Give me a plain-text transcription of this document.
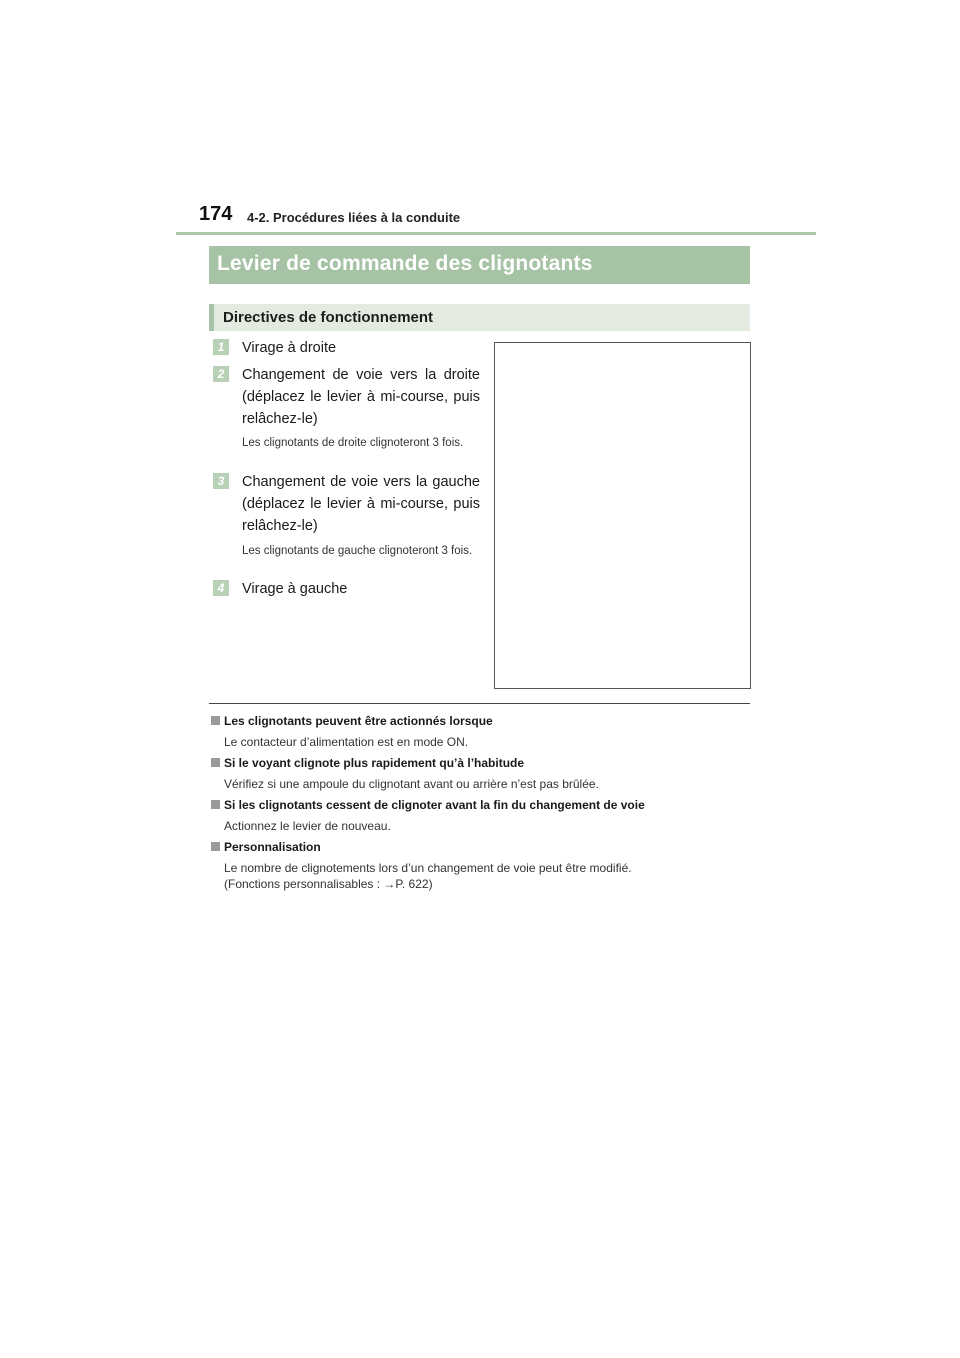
174 4-2. Procédures liées à la conduite
Levier de commande des clignotants
Directives de fonctionnement
1	Virage à droite
2	Changement de voie vers la droite
(déplacez le levier à mi-course, puis
relâchez-le)
Les clignotants de droite clignoteront 3 fois.
3	Changement de voie vers la gauche
(déplacez le levier à mi-course, puis
relâchez-le)
Les clignotants de gauche clignoteront 3 fois.
4	Virage à gauche
Les clignotants peuvent être actionnés lorsque
Le contacteur d’alimentation est en mode ON.
Si le voyant clignote plus rapidement qu’à l’habitude
Vérifiez si une ampoule du clignotant avant ou arrière n’est pas brûlée.
Si les clignotants cessent de clignoter avant la fin du changement de voie
Actionnez le levier de nouveau.
Personnalisation
Le nombre de clignotements lors d’un changement de voie peut être modifié.
(Fonctions personnalisables : →P. 622)
